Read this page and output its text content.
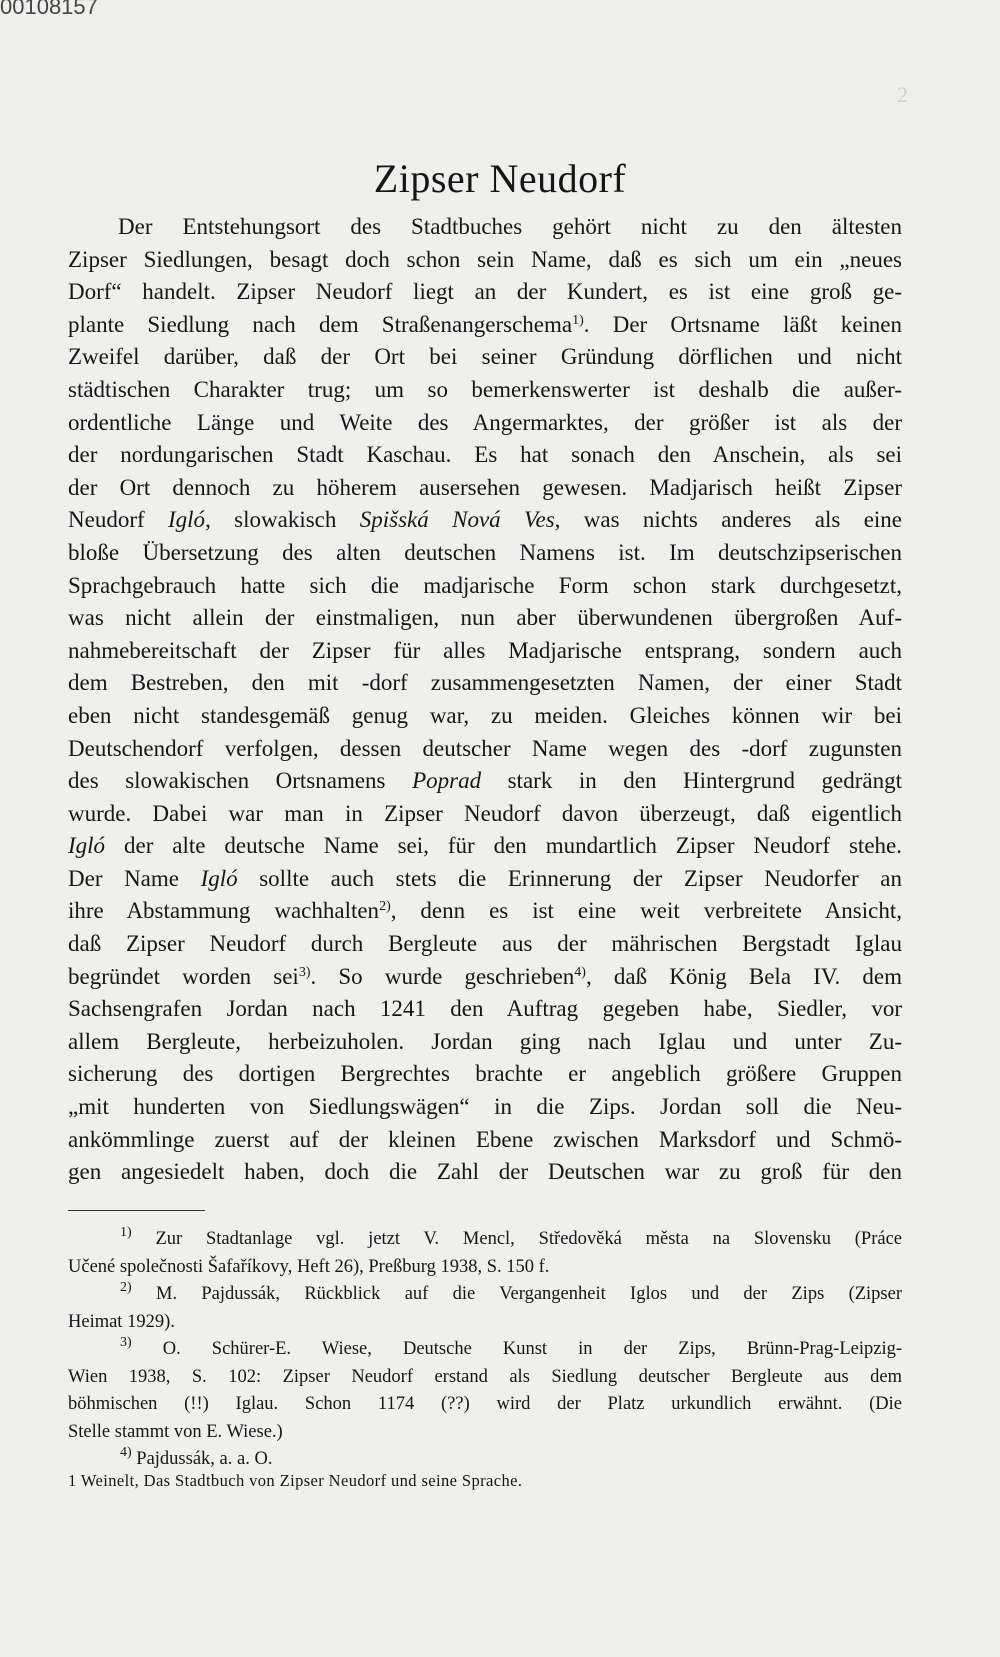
00108157
2
Zipser Neudorf
Der Entstehungsort des Stadtbuches gehört nicht zu den ältesten
Zipser Siedlungen, besagt doch schon sein Name, daß es sich um ein „neues
Dorf“ handelt. Zipser Neudorf liegt an der Kundert, es ist eine groß ge-
plante Siedlung nach dem Straßenangerschema$^{1)}$. Der Ortsname läßt keinen
Zweifel darüber, daß der Ort bei seiner Gründung dörflichen und nicht
städtischen Charakter trug; um so bemerkenswerter ist deshalb die außer-
ordentliche Länge und Weite des Angermarktes, der größer ist als der
der nordungarischen Stadt Kaschau. Es hat sonach den Anschein, als sei
der Ort dennoch zu höherem ausersehen gewesen. Madjarisch heißt Zipser
Neudorf Igló, slowakisch Spišská Nová Ves, was nichts anderes als eine
bloße Übersetzung des alten deutschen Namens ist. Im deutschzipserischen
Sprachgebrauch hatte sich die madjarische Form schon stark durchgesetzt,
was nicht allein der einstmaligen, nun aber überwundenen übergroßen Auf-
nahmebereitschaft der Zipser für alles Madjarische entsprang, sondern auch
dem Bestreben, den mit -dorf zusammengesetzten Namen, der einer Stadt
eben nicht standesgemäß genug war, zu meiden. Gleiches können wir bei
Deutschendorf verfolgen, dessen deutscher Name wegen des -dorf zugunsten
des slowakischen Ortsnamens Poprad stark in den Hintergrund gedrängt
wurde. Dabei war man in Zipser Neudorf davon überzeugt, daß eigentlich
Igló der alte deutsche Name sei, für den mundartlich Zipser Neudorf stehe.
Der Name Igló sollte auch stets die Erinnerung der Zipser Neudorfer an
ihre Abstammung wachhalten$^{2)}$, denn es ist eine weit verbreitete Ansicht,
daß Zipser Neudorf durch Bergleute aus der mährischen Bergstadt Iglau
begründet worden sei$^{3)}$. So wurde geschrieben$^{4)}$, daß König Bela IV. dem
Sachsengrafen Jordan nach 1241 den Auftrag gegeben habe, Siedler, vor
allem Bergleute, herbeizuholen. Jordan ging nach Iglau und unter Zu-
sicherung des dortigen Bergrechtes brachte er angeblich größere Gruppen
„mit hunderten von Siedlungswägen“ in die Zips. Jordan soll die Neu-
ankömmlinge zuerst auf der kleinen Ebene zwischen Marksdorf und Schmö-
gen angesiedelt haben, doch die Zahl der Deutschen war zu groß für den
$^{1)}$ Zur Stadtanlage vgl. jetzt V. Mencl, Středověká města na Slovensku (Práce
Učené společnosti Šafaříkovy, Heft 26), Preßburg 1938, S. 150 f.
$^{2)}$ M. Pajdussák, Rückblick auf die Vergangenheit Iglos und der Zips (Zipser
Heimat 1929).
$^{3)}$ O. Schürer-E. Wiese, Deutsche Kunst in der Zips, Brünn-Prag-Leipzig-
Wien 1938, S. 102: Zipser Neudorf erstand als Siedlung deutscher Bergleute aus dem
böhmischen (!!) Iglau. Schon 1174 (??) wird der Platz urkundlich erwähnt. (Die
Stelle stammt von E. Wiese.)
$^{4)}$ Pajdussák, a. a. O.
1 Weinelt, Das Stadtbuch von Zipser Neudorf und seine Sprache.
